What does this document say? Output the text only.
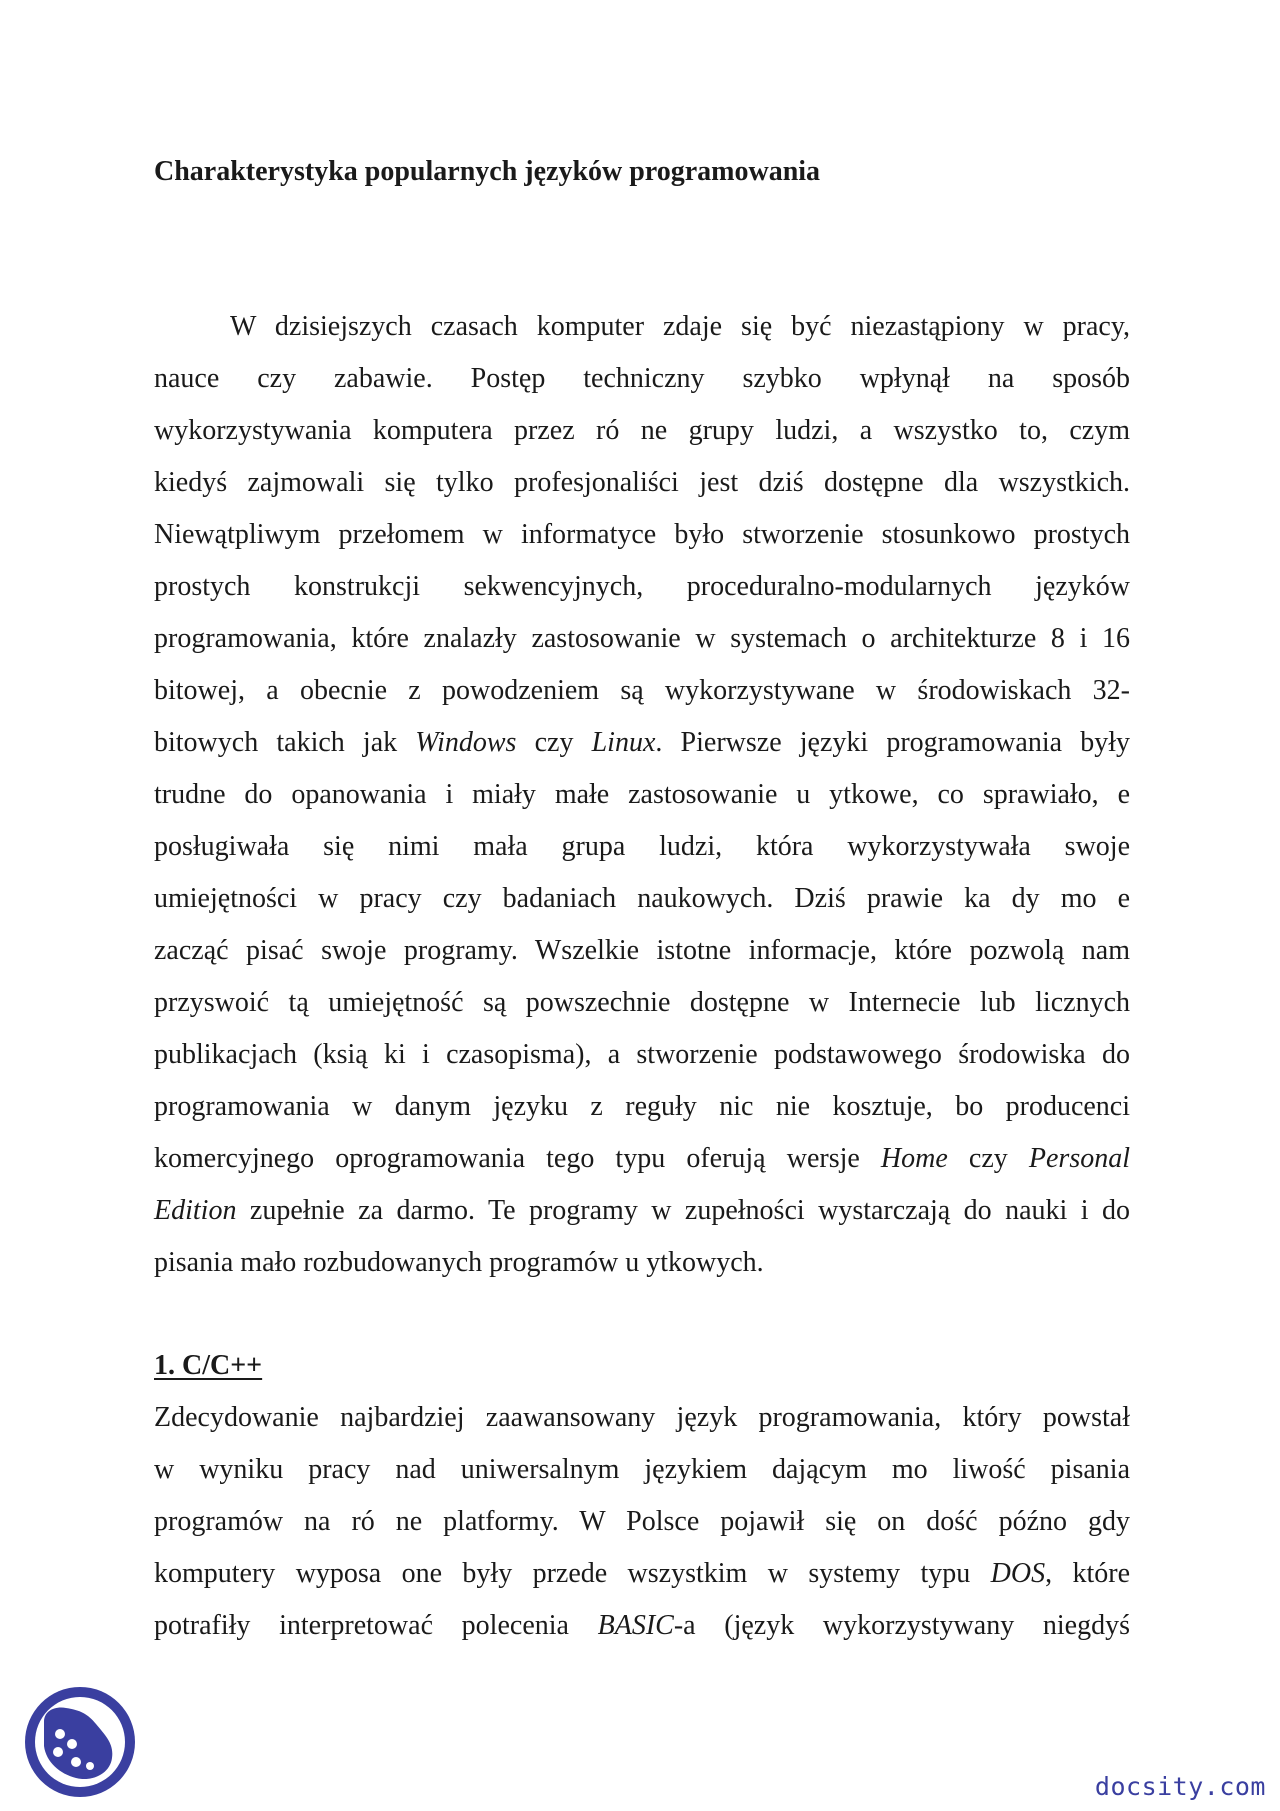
Charakterystyka popularnych języków programowania

W dzisiejszych czasach komputer zdaje się być niezastąpiony w pracy,

nauce czy zabawie. Postęp techniczny szybko wpłynął na sposób

wykorzystywania komputera przez ró ne grupy ludzi, a wszystko to, czym

kiedyś zajmowali się tylko profesjonaliści jest dziś dostępne dla wszystkich.

Niewątpliwym przełomem w informatyce było stworzenie stosunkowo prostych

prostych konstrukcji sekwencyjnych, proceduralno-modularnych języków

programowania, które znalazły zastosowanie w systemach o architekturze 8 i 16

bitowej, a obecnie z powodzeniem są wykorzystywane w środowiskach 32-

bitowych takich jak Windows czy Linux. Pierwsze języki programowania były

trudne do opanowania i miały małe zastosowanie u ytkowe, co sprawiało, e

posługiwała się nimi mała grupa ludzi, która wykorzystywała swoje

umiejętności w pracy czy badaniach naukowych. Dziś prawie ka dy mo e

zacząć pisać swoje programy. Wszelkie istotne informacje, które pozwolą nam

przyswoić tą umiejętność są powszechnie dostępne w Internecie lub licznych

publikacjach (ksią ki i czasopisma), a stworzenie podstawowego środowiska do

programowania w danym języku z reguły nic nie kosztuje, bo producenci

komercyjnego oprogramowania tego typu oferują wersje Home czy Personal

Edition zupełnie za darmo. Te programy w zupełności wystarczają do nauki i do

pisania mało rozbudowanych programów u ytkowych.

1. C/C++

Zdecydowanie najbardziej zaawansowany język programowania, który powstał

w wyniku pracy nad uniwersalnym językiem dającym mo liwość pisania

programów na ró ne platformy. W Polsce pojawił się on dość późno gdy

komputery wyposa one były przede wszystkim w systemy typu DOS, które

potrafiły interpretować polecenia BASIC-a (język wykorzystywany niegdyś

docsity.com
